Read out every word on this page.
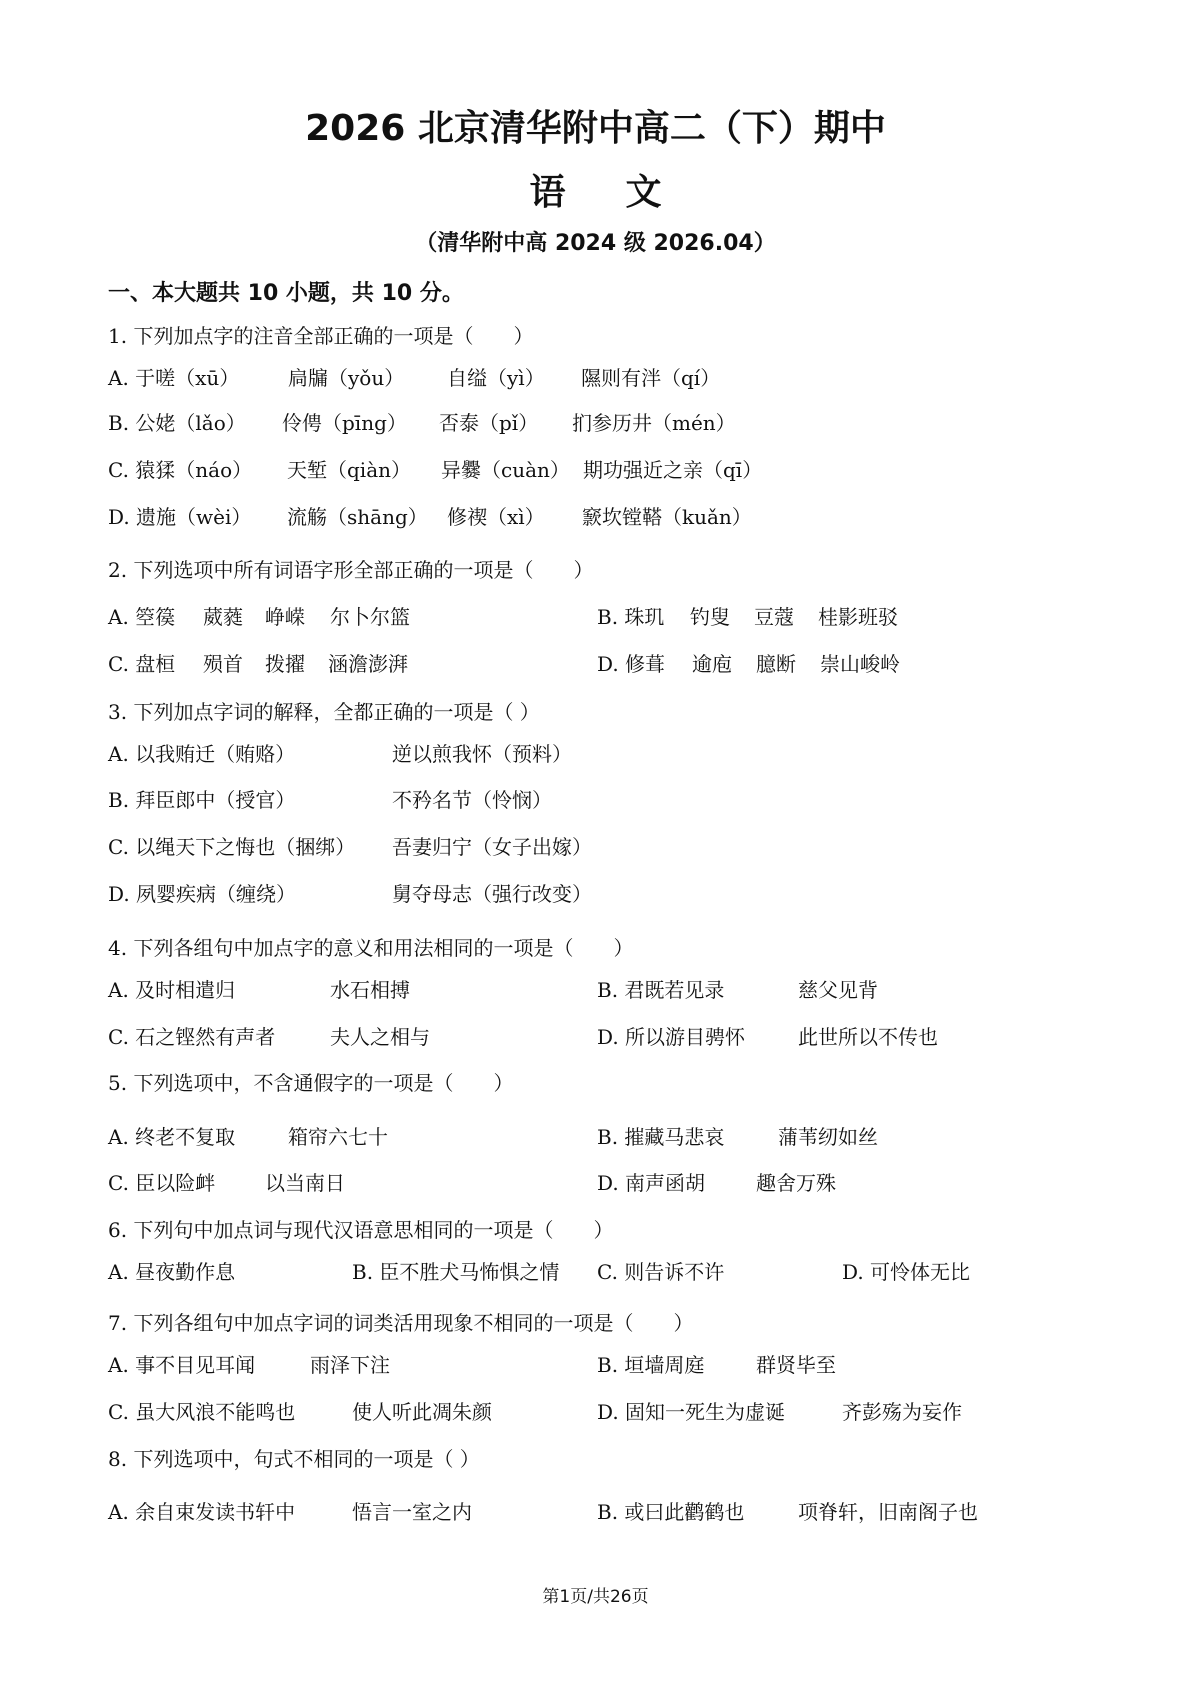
2026 北京清华附中高二（下）期中
语文
（清华附中高 2024 级 2026.04）
一、本大题共 10 小题，共 10 分。
1. 下列加点字的注音全部正确的一项是（　　）
A. 于嗟（xū） 扃牖（yǒu） 自缢（yì） 隰则有泮（qí）
B. 公姥（lǎo） 伶俜（pīng） 否泰（pǐ） 扪参历井（mén）
C. 猿猱（náo） 天堑（qiàn） 异爨（cuàn） 期功强近之亲（qī）
D. 遗施（wèi） 流觞（shāng） 修禊（xì） 窾坎镗鞳（kuǎn）
2. 下列选项中所有词语字形全部正确的一项是（　　）
A. 箜篌 葳蕤 峥嵘 尔卜尔篮	B. 珠玑 钓叟 豆蔻 桂影班驳
C. 盘桓 殒首 拨擢 涵澹澎湃	D. 修葺 逾庖 臆断 崇山峻岭
3. 下列加点字词的解释，全都正确的一项是（ ）
A. 以我贿迁（贿赂）	逆以煎我怀（预料）
B. 拜臣郎中（授官）	不矜名节（怜悯）
C. 以绳天下之悔也（捆绑） 吾妻归宁（女子出嫁）
D. 夙婴疾病（缠绕）	舅夺母志（强行改变）
4. 下列各组句中加点字的意义和用法相同的一项是（　　）
A. 及时相遣归	水石相搏	B. 君既若见录	慈父见背
C. 石之铿然有声者	夫人之相与	D. 所以游目骋怀	此世所以不传也
5. 下列选项中，不含通假字的一项是（　　）
A. 终老不复取	箱帘六七十	B. 摧藏马悲哀	蒲苇纫如丝
C. 臣以险衅 以当南日	D. 南声函胡	趣舍万殊
6. 下列句中加点词与现代汉语意思相同的一项是（　　）
A. 昼夜勤作息	B. 臣不胜犬马怖惧之情 C. 则告诉不许	D. 可怜体无比
7. 下列各组句中加点字词的词类活用现象不相同的一项是（　　）
A. 事不目见耳闻	雨泽下注	B. 垣墙周庭	群贤毕至
C. 虽大风浪不能鸣也	使人听此凋朱颜	D. 固知一死生为虚诞	齐彭殇为妄作
8. 下列选项中，句式不相同的一项是（ ）
A. 余自束发读书轩中	悟言一室之内	B. 或曰此鹳鹤也	项脊轩，旧南阁子也
第1页/共26页
